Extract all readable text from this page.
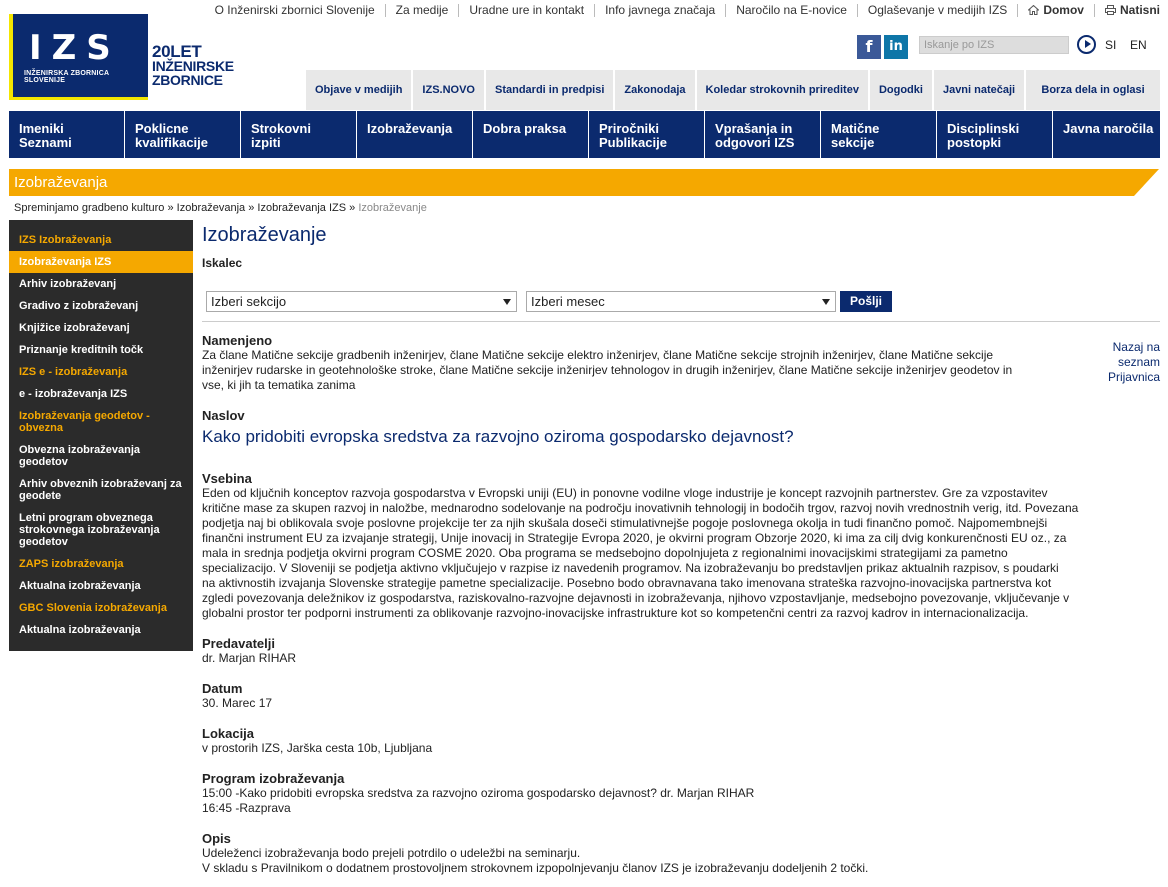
IZS
INŽENIRSKA ZBORNICA SLOVENIJE
20LET
INŽENIRSKE
ZBORNICE
O Inženirski zbornici Slovenije	Za medije	Uradne ure in kontakt	Info javnega značaja	Naročilo na E-novice	Oglaševanje v medijih IZS	Domov	Natisni
f	in	Iskanje po IZS	SI EN
Objave v medijih	IZS.NOVO	Standardi in predpisi	Zakonodaja	Koledar strokovnih prireditev	Dogodki	Javni natečaji	Borza dela in oglasi
Imeniki
Seznami
Poklicne
kvalifikacije
Strokovni
izpiti
Izobraževanja	Dobra praksa	Priročniki
Publikacije
Vprašanja in
odgovori IZS
Matične
sekcije
Disciplinski
postopki
Javna naročila
Izobraževanja
Spreminjamo gradbeno kulturo » Izobraževanja » Izobraževanja IZS » Izobraževanje
IZS Izobraževanja
Izobraževanja IZS
Arhiv izobraževanj
Gradivo z izobraževanj
Knjižice izobraževanj
Priznanje kreditnih točk
IZS e - izobraževanja
e - izobraževanja IZS
Izobraževanja geodetov - obvezna
Obvezna izobraževanja geodetov
Arhiv obveznih izobraževanj za geodete
Letni program obveznega strokovnega izobraževanja geodetov
ZAPS izobraževanja
Aktualna izobraževanja
GBC Slovenia izobraževanja
Aktualna izobraževanja
Izobraževanje
Iskalec
Izberi sekcijo	Izberi mesec	Pošlji
Nazaj na
seznam
Prijavnica
Namenjeno
Za člane Matične sekcije gradbenih inženirjev, člane Matične sekcije elektro inženirjev, člane Matične sekcije strojnih inženirjev, člane Matične sekcije
inženirjev rudarske in geotehnološke stroke, člane Matične sekcije inženirjev tehnologov in drugih inženirjev, člane Matične sekcije inženirjev geodetov in
vse, ki jih ta tematika zanima
Naslov
Kako pridobiti evropska sredstva za razvojno oziroma gospodarsko dejavnost?
Vsebina
Eden od ključnih konceptov razvoja gospodarstva v Evropski uniji (EU) in ponovne vodilne vloge industrije je koncept razvojnih partnerstev. Gre za vzpostavitev
kritične mase za skupen razvoj in naložbe, mednarodno sodelovanje na področju inovativnih tehnologij in bodočih trgov, razvoj novih vrednostnih verig, itd. Povezana
podjetja naj bi oblikovala svoje poslovne projekcije ter za njih skušala doseči stimulativnejše pogoje poslovnega okolja in tudi finančno pomoč. Najpomembnejši
finančni instrument EU za izvajanje strategij, Unije inovacij in Strategije Evropa 2020, je okvirni program Obzorje 2020, ki ima za cilj dvig konkurenčnosti EU oz., za
mala in srednja podjetja okvirni program COSME 2020. Oba programa se medsebojno dopolnjujeta z regionalnimi inovacijskimi strategijami za pametno
specializacijo. V Sloveniji se podjetja aktivno vključujejo v razpise iz navedenih programov. Na izobraževanju bo predstavljen prikaz aktualnih razpisov, s poudarki
na aktivnostih izvajanja Slovenske strategije pametne specializacije. Posebno bodo obravnavana tako imenovana strateška razvojno-inovacijska partnerstva kot
zgledi povezovanja deležnikov iz gospodarstva, raziskovalno-razvojne dejavnosti in izobraževanja, njihovo vzpostavljanje, medsebojno povezovanje, vključevanje v
globalni prostor ter podporni instrumenti za oblikovanje razvojno-inovacijske infrastrukture kot so kompetenčni centri za razvoj kadrov in internacionalizacija.
Predavatelji
dr. Marjan RIHAR
Datum
30. Marec 17
Lokacija
v prostorih IZS, Jarška cesta 10b, Ljubljana
Program izobraževanja
15:00 -Kako pridobiti evropska sredstva za razvojno oziroma gospodarsko dejavnost? dr. Marjan RIHAR
16:45 -Razprava
Opis
Udeleženci izobraževanja bodo prejeli potrdilo o udeležbi na seminarju.
V skladu s Pravilnikom o dodatnem prostovoljnem strokovnem izpopolnjevanju članov IZS je izobraževanju dodeljenih 2 točki.
